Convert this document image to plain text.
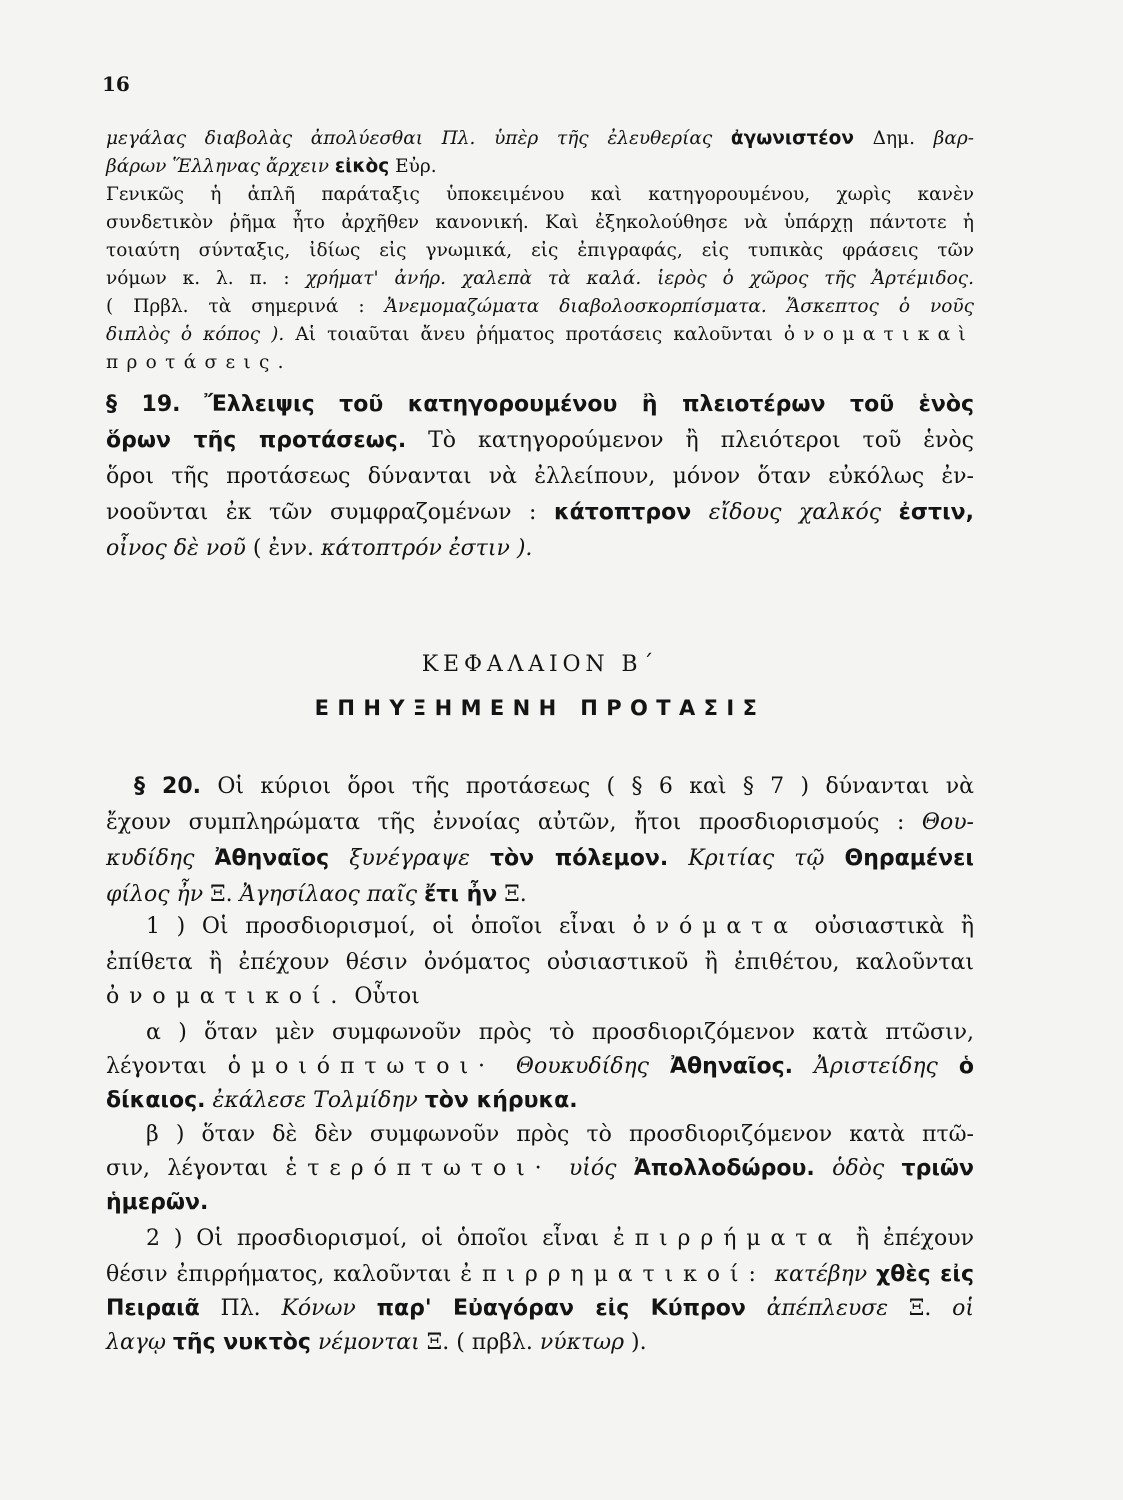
16
μεγάλας διαβολὰς ἀπολύεσθαι Πλ. ὑπὲρ τῆς ἐλευθερίας ἀγωνιστέον Δημ. βαρ-
βάρων Ἕλληνας ἄρχειν εἰκὸς Εὐρ.
Γενικῶς ἡ ἁπλῆ παράταξις ὑποκειμένου καὶ κατηγορουμένου, χωρὶς κανὲν
συνδετικὸν ῥῆμα ἦτο ἀρχῆθεν κανονική. Καὶ ἐξηκολούθησε νὰ ὑπάρχῃ πάντοτε ἡ
τοιαύτη σύνταξις, ἰδίως εἰς γνωμικά, εἰς ἐπιγραφάς, εἰς τυπικὰς φράσεις τῶν
νόμων κ. λ. π. : χρήματ' ἀνήρ. χαλεπὰ τὰ καλά. ἱερὸς ὁ χῶρος τῆς Ἀρτέμιδος.
( Πρβλ. τὰ σημερινά : Ἀνεμομαζώματα διαβολοσκορπίσματα. Ἄσκεπτος ὁ νοῦς
διπλὸς ὁ κόπος ). Αἱ τοιαῦται ἄνευ ῥήματος προτάσεις καλοῦνται ὀνοματικαὶ
προτάσεις.
§ 19. Ἔλλειψις τοῦ κατηγορουμένου ἢ πλειοτέρων τοῦ ἑνὸς
ὅρων τῆς προτάσεως. Τὸ κατηγορούμενον ἢ πλειότεροι τοῦ ἑνὸς
ὅροι τῆς προτάσεως δύνανται νὰ ἐλλείπουν, μόνον ὅταν εὐκόλως ἐν-
νοοῦνται ἐκ τῶν συμφραζομένων : κάτοπτρον εἴδους χαλκός ἐστιν,
οἶνος δὲ νοῦ ( ἐνν. κάτοπτρόν ἐστιν ).
ΚΕΦΑΛΑΙΟΝ Β΄
ΕΠΗΥΞΗΜΕΝΗ ΠΡΟΤΑΣΙΣ
§ 20. Οἱ κύριοι ὅροι τῆς προτάσεως ( § 6 καὶ § 7 ) δύνανται νὰ
ἔχουν συμπληρώματα τῆς ἐννοίας αὐτῶν, ἤτοι προσδιορισμούς : Θου-
κυδίδης Ἀθηναῖος ξυνέγραψε τὸν πόλεμον. Κριτίας τῷ Θηραμένει
φίλος ἦν Ξ. Ἀγησίλαος παῖς ἔτι ἦν Ξ.
1 ) Οἱ προσδιορισμοί, οἱ ὁποῖοι εἶναι ὀνόματα οὐσιαστικὰ ἢ
ἐπίθετα ἢ ἐπέχουν θέσιν ὀνόματος οὐσιαστικοῦ ἢ ἐπιθέτου, καλοῦνται
ὀνοματικοί. Οὗτοι
α ) ὅταν μὲν συμφωνοῦν πρὸς τὸ προσδιοριζόμενον κατὰ πτῶσιν,
λέγονται ὁμοιόπτωτοι· Θουκυδίδης Ἀθηναῖος. Ἀριστείδης ὁ
δίκαιος. ἐκάλεσε Τολμίδην τὸν κήρυκα.
β ) ὅταν δὲ δὲν συμφωνοῦν πρὸς τὸ προσδιοριζόμενον κατὰ πτῶ-
σιν, λέγονται ἑτερόπτωτοι· υἱός Ἀπολλοδώρου. ὁδὸς τριῶν
ἡμερῶν.
2 ) Οἱ προσδιορισμοί, οἱ ὁποῖοι εἶναι ἐπιρρήματα ἢ ἐπέχουν
θέσιν ἐπιρρήματος, καλοῦνται ἐπιρρηματικοί: κατέβην χθὲς εἰς
Πειραιᾶ Πλ. Κόνων παρ' Εὐαγόραν εἰς Κύπρον ἀπέπλευσε Ξ. οἱ
λαγῳ τῆς νυκτὸς νέμονται Ξ. ( πρβλ. νύκτωρ ).
